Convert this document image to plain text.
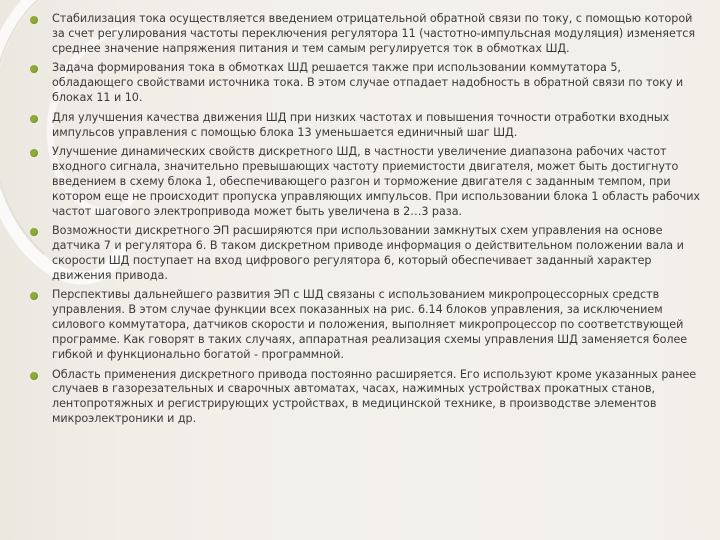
Стабилизация тока осуществляется введением отрицательной обратной связи по току, с помощью которой за счет регулирования частоты переключения регулятора 11 (частотно-импульсная модуляция) изменяется среднее значение напряжения питания и тем самым регулируется ток в обмотках ШД.
Задача формирования тока в обмотках ШД решается также при использовании коммутатора 5, обладающего свойствами источника тока. В этом случае отпадает надобность в обратной связи по току и блоках 11 и 10.
Для улучшения качества движения ШД при низких частотах и повышения точности отработки входных импульсов управления с помощью блока 13 уменьшается единичный шаг ШД.
Улучшение динамических свойств дискретного ШД, в частности увеличение диапазона рабочих частот входного сигнала, значительно превышающих частоту приемистости двигателя, может быть достигнуто введением в схему блока 1, обеспечивающего разгон и торможение двигателя с заданным темпом, при котором еще не происходит пропуска управляющих импульсов. При использовании блока 1 область рабочих частот шагового электропривода может быть увеличена в 2…3 раза.
Возможности дискретного ЭП расширяются при использовании замкнутых схем управления на основе датчика 7 и регулятора 6. В таком дискретном приводе информация о действительном положении вала и скорости ШД поступает на вход цифрового регулятора 6, который обеспечивает заданный характер движения привода.
Перспективы дальнейшего развития ЭП с ШД связаны с использованием микропроцессорных средств управления. В этом случае функции всех показанных на рис. 6.14 блоков управления, за исключением силового коммутатора, датчиков скорости и положения, выполняет микропроцессор по соответствующей программе. Как говорят в таких случаях, аппаратная реализация схемы управления ШД заменяется более гибкой и функционально богатой - программной.
Область применения дискретного привода постоянно расширяется. Его используют кроме указанных ранее случаев в газорезательных и сварочных автоматах, часах, нажимных устройствах прокатных станов, лентопротяжных и регистрирующих устройствах, в медицинской технике, в производстве элементов микроэлектроники и др.
